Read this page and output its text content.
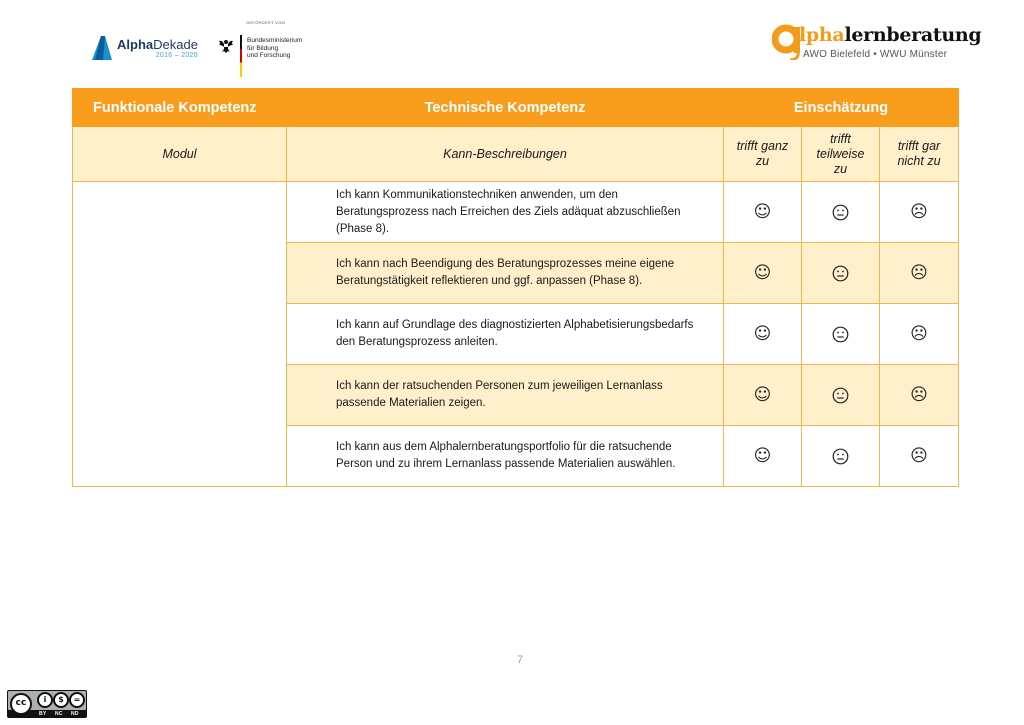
AlphaDekade
2016 – 2026
GEFÖRDERT VOM
Bundesministerium
für Bildung
und Forschung
lphalernberatung
AWO Bielefeld • WWU Münster
Funktionale Kompetenz	Technische Kompetenz	Einschätzung		
Modul	Kann-Beschreibungen	trifft ganz zu	trifft teilweise zu	trifft gar nicht zu
	Ich kann Kommunikationstechniken anwenden, um den Beratungsprozess nach Erreichen des Ziels adäquat abzuschließen (Phase 8).	☺		☹
	Ich kann nach Beendigung des Beratungsprozesses meine eigene Beratungstätigkeit reflektieren und ggf. anpassen (Phase 8).	☺		☹
	Ich kann auf Grundlage des diagnostizierten Alphabetisierungsbedarfs den Beratungsprozess anleiten.	☺		☹
	Ich kann der ratsuchenden Personen zum jeweiligen Lernanlass passende Materialien zeigen.	☺		☹
	Ich kann aus dem Alphalernberatungsportfolio für die ratsuchende Person und zu ihrem Lernanlass passende Materialien auswählen.	☺		☹
7
cc	i	$	=
BY NC ND
